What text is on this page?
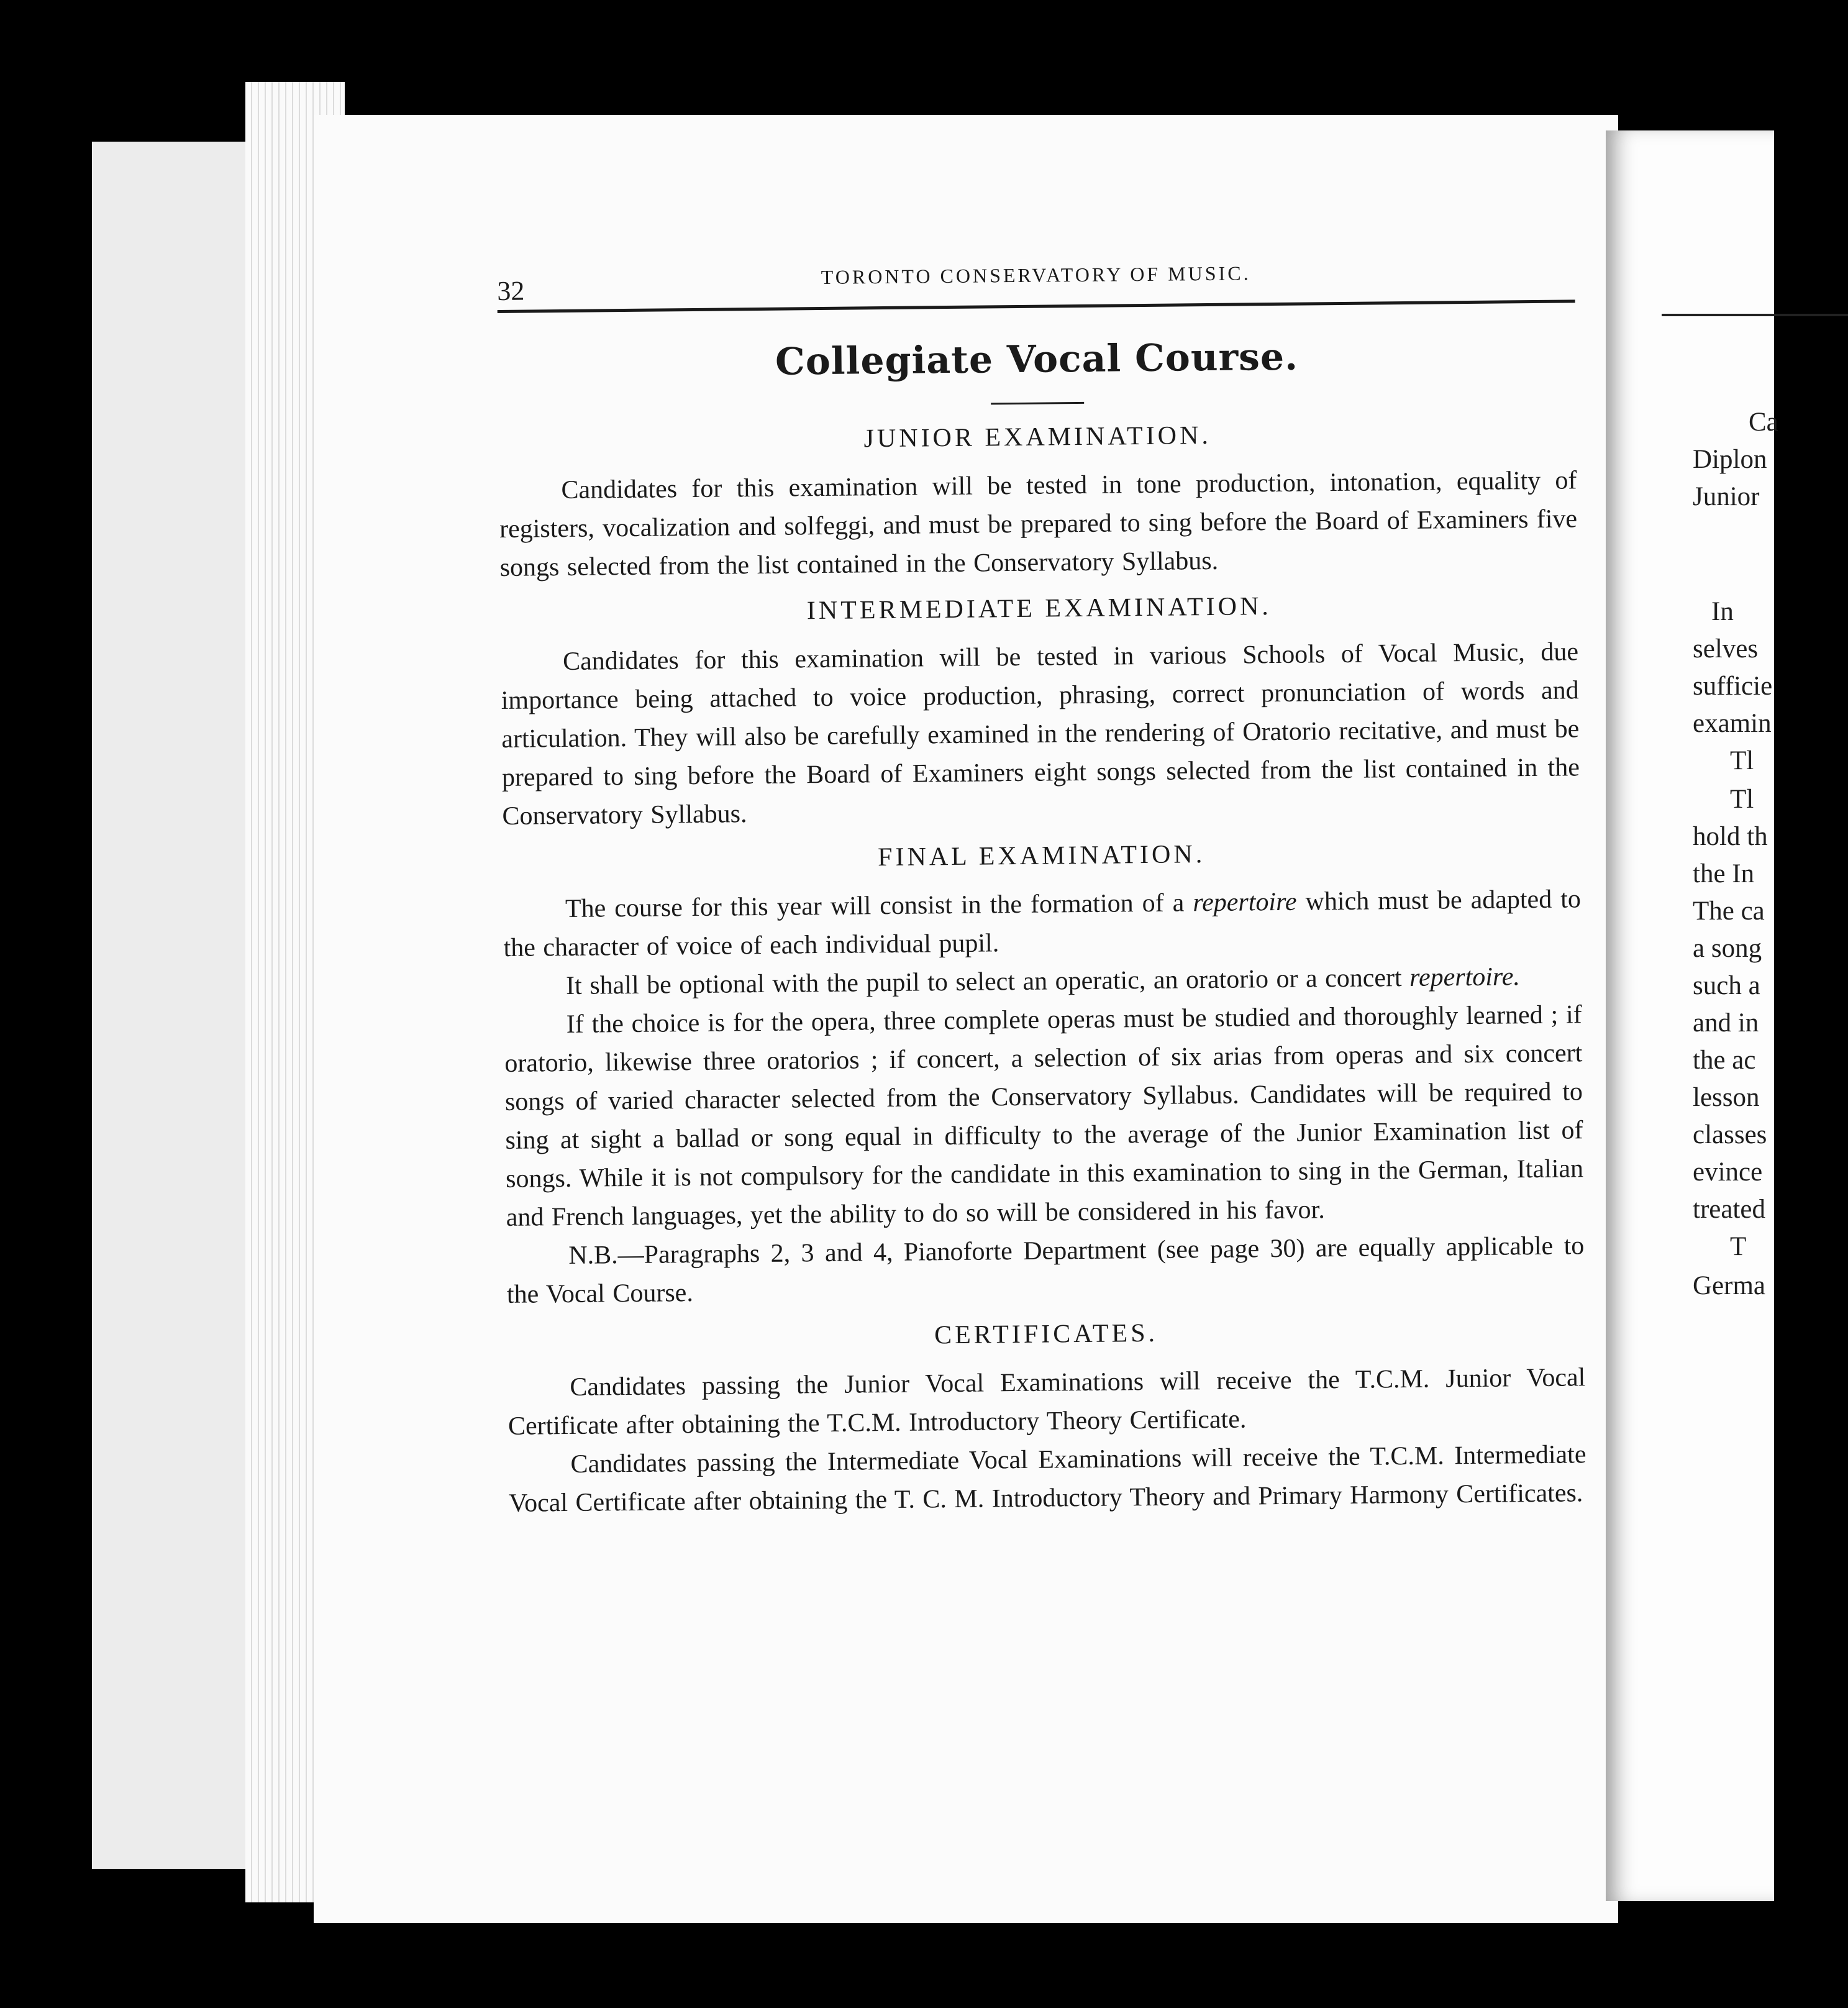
32
TORONTO CONSERVATORY OF MUSIC.
Collegiate Vocal Course.
JUNIOR EXAMINATION.

Candidates for this examination will be tested in tone production, intonation, equality of registers, vocalization and solfeggi, and must be prepared to sing before the Board of Examiners five songs selected from the list contained in the Conservatory Syllabus.

INTERMEDIATE EXAMINATION.

Candidates for this examination will be tested in various Schools of Vocal Music, due importance being attached to voice production, phrasing, correct pronunciation of words and articulation. They will also be carefully examined in the rendering of Oratorio recitative, and must be prepared to sing before the Board of Examiners eight songs selected from the list contained in the Conservatory Syllabus.

FINAL EXAMINATION.

The course for this year will consist in the formation of a repertoire which must be adapted to the character of voice of each individual pupil.

It shall be optional with the pupil to select an operatic, an oratorio or a concert repertoire.

If the choice is for the opera, three complete operas must be studied and thoroughly learned ; if oratorio, likewise three oratorios ; if concert, a selection of six arias from operas and six concert songs of varied character selected from the Conservatory Syllabus. Candidates will be required to sing at sight a ballad or song equal in difficulty to the average of the Junior Examination list of songs. While it is not compulsory for the candidate in this examination to sing in the German, Italian and French languages, yet the ability to do so will be considered in his favor.

N.B.—Paragraphs 2, 3 and 4, Pianoforte Department (see page 30) are equally applicable to the Vocal Course.

CERTIFICATES.

Candidates passing the Junior Vocal Examinations will receive the T.C.M. Junior Vocal Certificate after obtaining the T.C.M. Introductory Theory Certificate.

Candidates passing the Intermediate Vocal Examinations will receive the T.C.M. Intermediate Vocal Certificate after obtaining the T. C. M. Introductory Theory and Primary Harmony Certificates.

Ca
Diplon
Junior
In
selves
sufficie
examin
Tl
Tl
hold th
the In
The ca
a song
such a
and in
the ac
lesson
classes
evince
treated
T
Germa
